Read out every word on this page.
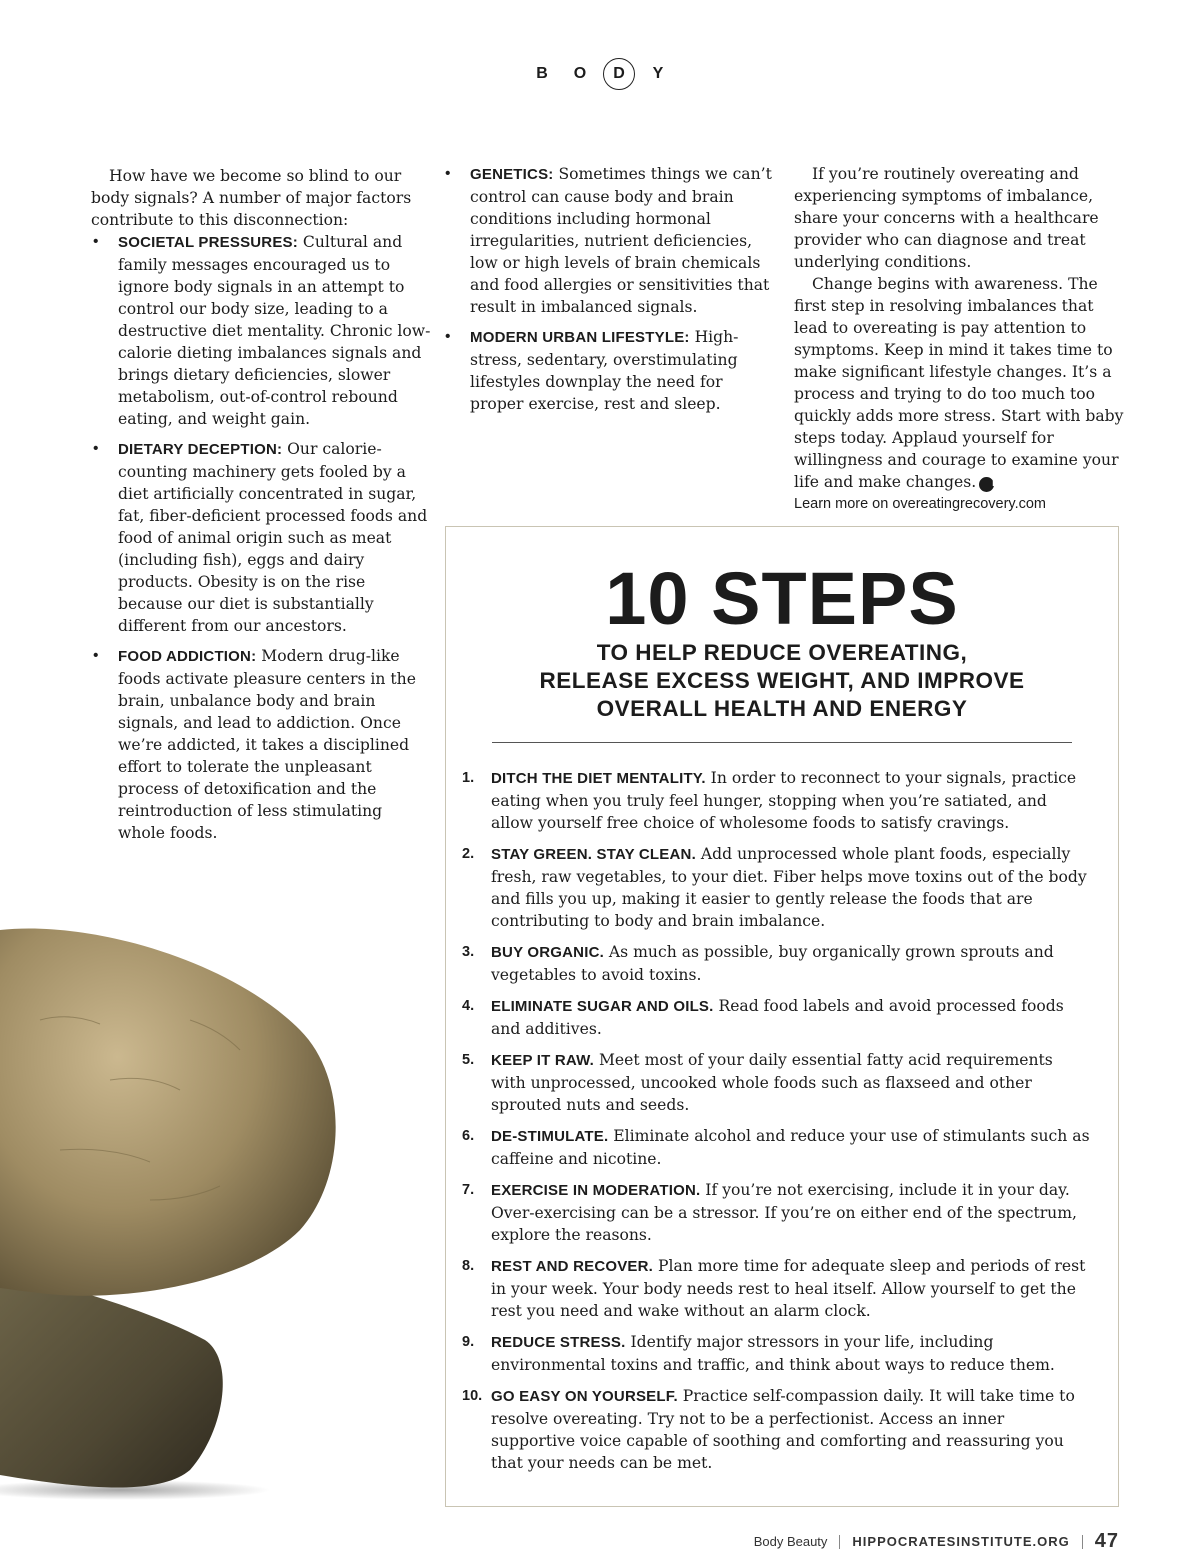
B	O	D	Y

How have we become so blind to our body signals? A number of major factors contribute to this disconnection:

• SOCIETAL PRESSURES: Cultural and family messages encouraged us to ignore body signals in an attempt to control our body size, leading to a destructive diet mentality. Chronic low-calorie dieting imbalances signals and brings dietary deficiencies, slower metabolism, out-of-control rebound eating, and weight gain.
• DIETARY DECEPTION: Our calorie-counting machinery gets fooled by a diet artificially concentrated in sugar, fat, fiber-deficient processed foods and food of animal origin such as meat (including fish), eggs and dairy products. Obesity is on the rise because our diet is substantially different from our ancestors.
• FOOD ADDICTION: Modern drug-like foods activate pleasure centers in the brain, unbalance body and brain signals, and lead to addiction. Once we’re addicted, it takes a disciplined effort to tolerate the unpleasant process of detoxification and the reintroduction of less stimulating whole foods.
• GENETICS: Sometimes things we can’t control can cause body and brain conditions including hormonal irregularities, nutrient deficiencies, low or high levels of brain chemicals and food allergies or sensitivities that result in imbalanced signals.
• MODERN URBAN LIFESTYLE: High-stress, sedentary, overstimulating lifestyles downplay the need for proper exercise, rest and sleep.

If you’re routinely overeating and experiencing symptoms of imbalance, share your concerns with a healthcare provider who can diagnose and treat underlying conditions.

Change begins with awareness. The first step in resolving imbalances that lead to overeating is pay attention to symptoms. Keep in mind it takes time to make significant lifestyle changes. It’s a process and trying to do too much too quickly adds more stress. Start with baby steps today. Applaud yourself for willingness and courage to examine your life and make changes. H

Learn more on overeatingrecovery.com

10 STEPS
TO HELP REDUCE OVEREATING,
RELEASE EXCESS WEIGHT, AND IMPROVE
OVERALL HEALTH AND ENERGY
1. DITCH THE DIET MENTALITY. In order to reconnect to your signals, practice eating when you truly feel hunger, stopping when you’re satiated, and allow yourself free choice of wholesome foods to satisfy cravings.
2. STAY GREEN. STAY CLEAN. Add unprocessed whole plant foods, especially fresh, raw vegetables, to your diet. Fiber helps move toxins out of the body and fills you up, making it easier to gently release the foods that are contributing to body and brain imbalance.
3. BUY ORGANIC. As much as possible, buy organically grown sprouts and vegetables to avoid toxins.
4. ELIMINATE SUGAR AND OILS. Read food labels and avoid processed foods and additives.
5. KEEP IT RAW. Meet most of your daily essential fatty acid requirements with unprocessed, uncooked whole foods such as flaxseed and other sprouted nuts and seeds.
6. DE-STIMULATE. Eliminate alcohol and reduce your use of stimulants such as caffeine and nicotine.
7. EXERCISE IN MODERATION. If you’re not exercising, include it in your day. Over-exercising can be a stressor. If you’re on either end of the spectrum, explore the reasons.
8. REST AND RECOVER. Plan more time for adequate sleep and periods of rest in your week. Your body needs rest to heal itself. Allow yourself to get the rest you need and wake without an alarm clock.
9. REDUCE STRESS. Identify major stressors in your life, including environmental toxins and traffic, and think about ways to reduce them.
10. GO EASY ON YOURSELF. Practice self-compassion daily. It will take time to resolve overeating. Try not to be a perfectionist. Access an inner supportive voice capable of soothing and comforting and reassuring you that your needs can be met.
Body Beauty HIPPOCRATESINSTITUTE.ORG 47
